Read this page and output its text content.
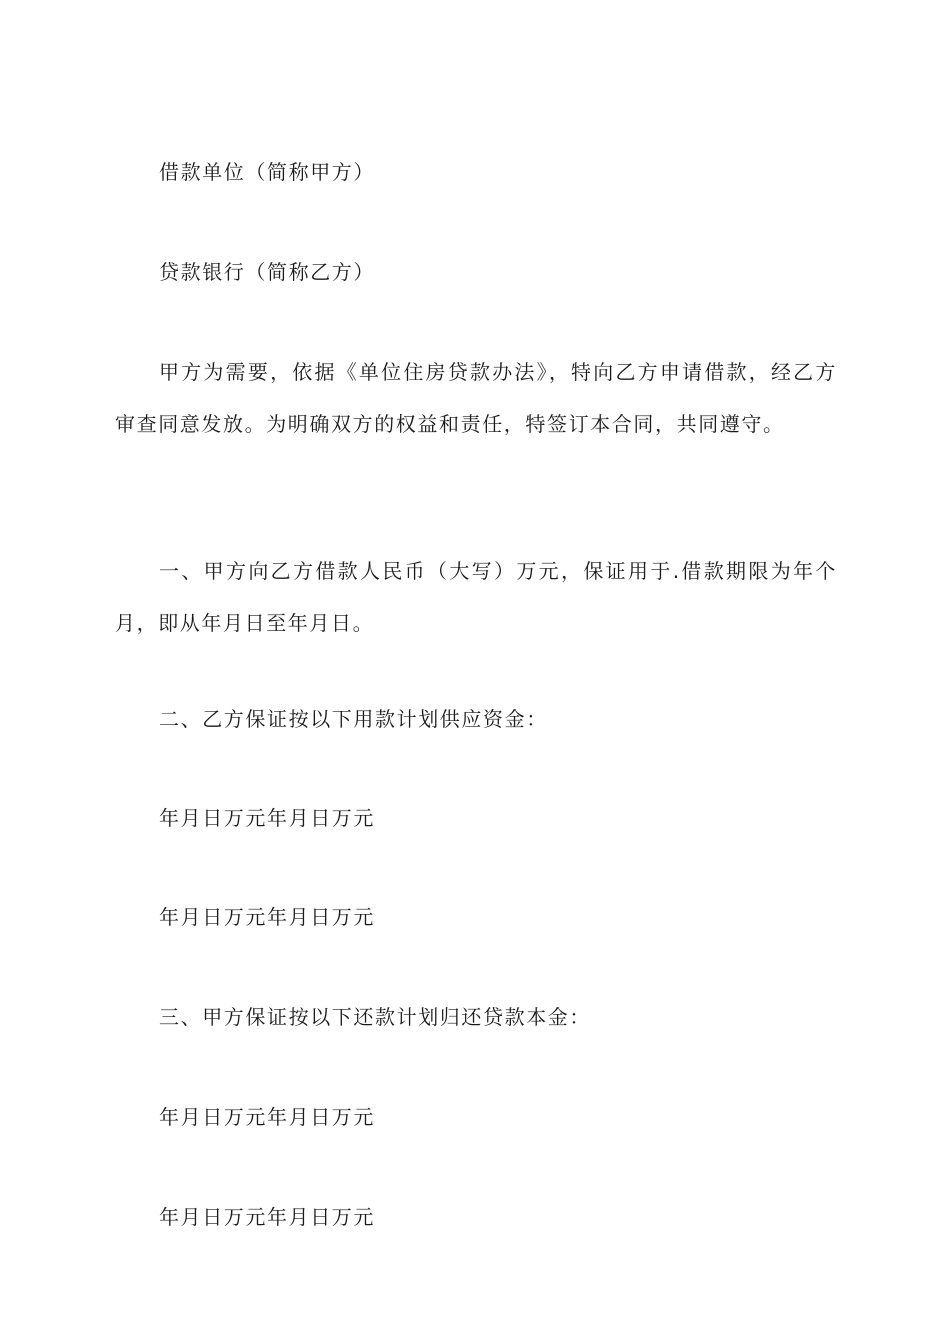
借款单位（简称甲方）

贷款银行（简称乙方）

甲方为需要，依据《单位住房贷款办法》，特向乙方申请借款，经乙方审查同意发放。为明确双方的权益和责任，特签订本合同，共同遵守。

一、甲方向乙方借款人民币（大写）万元，保证用于.借款期限为年个月，即从年月日至年月日。

二、乙方保证按以下用款计划供应资金：

年月日万元年月日万元

年月日万元年月日万元

三、甲方保证按以下还款计划归还贷款本金：

年月日万元年月日万元

年月日万元年月日万元
